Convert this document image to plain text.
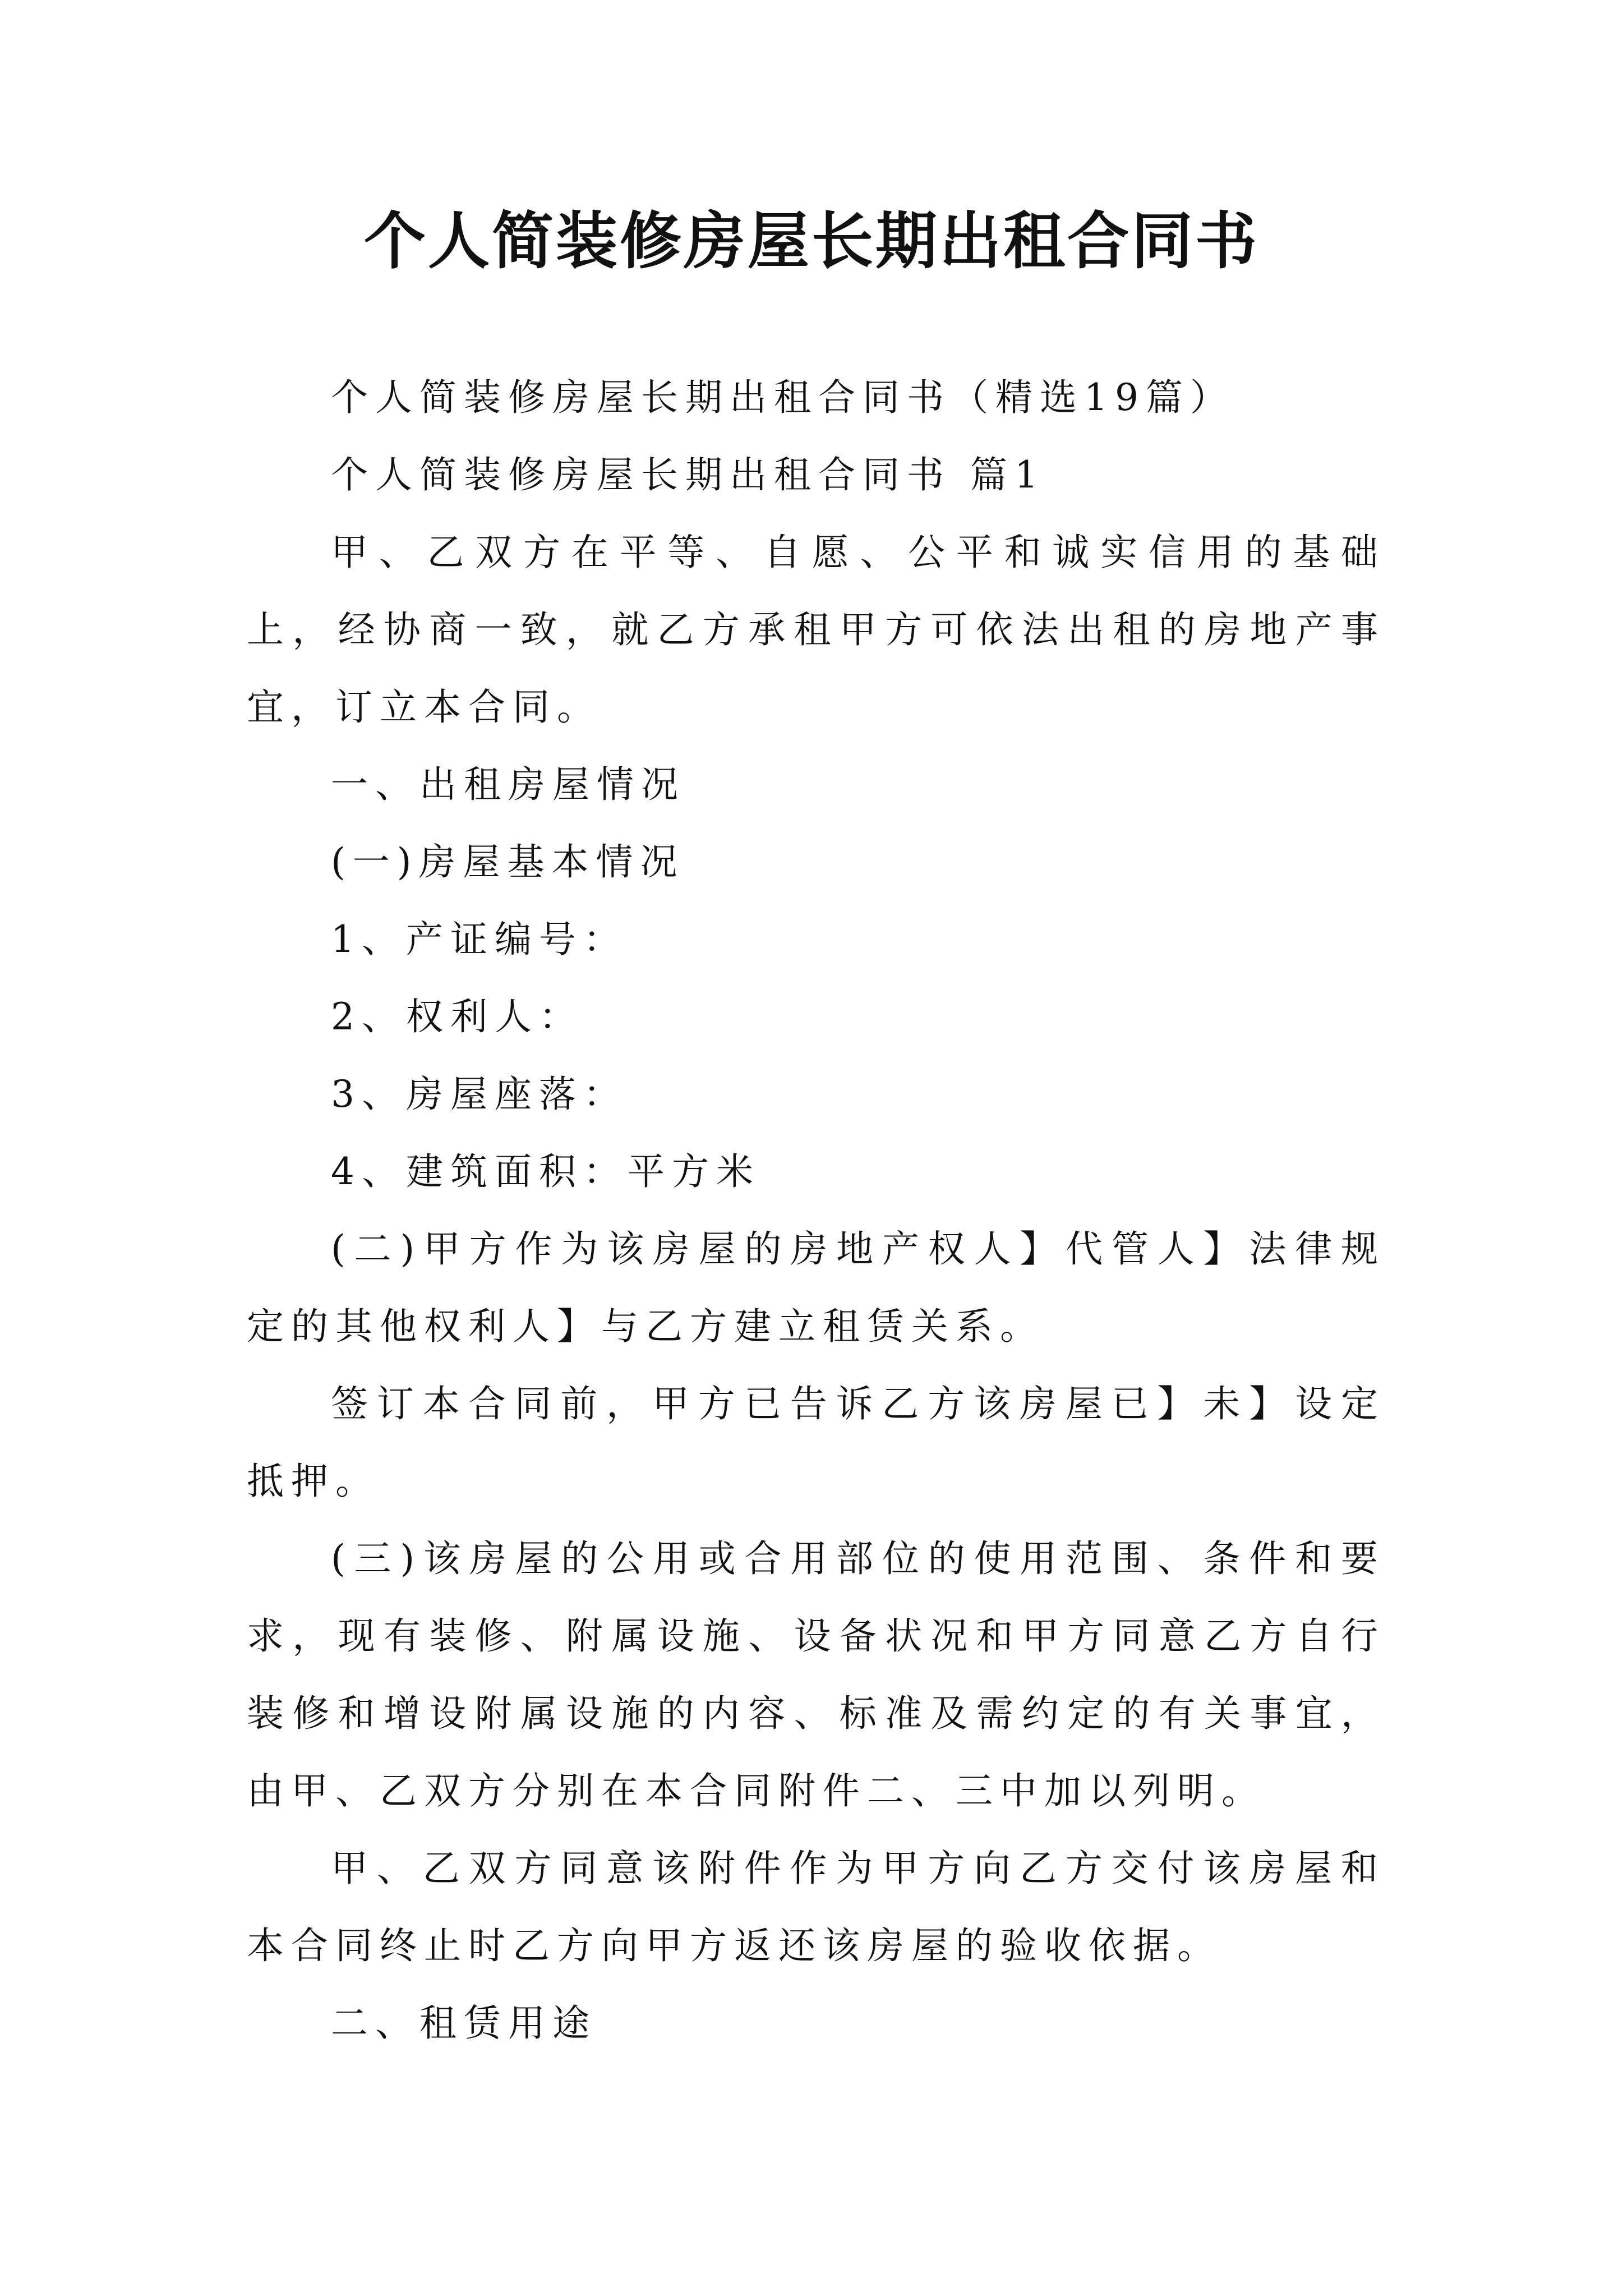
个人简装修房屋长期出租合同书

个人简装修房屋长期出租合同书（精选19篇）

个人简装修房屋长期出租合同书 篇1

甲、乙双方在平等、自愿、公平和诚实信用的基础上，经协商一致，就乙方承租甲方可依法出租的房地产事宜，订立本合同。

一、出租房屋情况

(一)房屋基本情况

1、产证编号：

2、权利人：

3、房屋座落：

4、建筑面积：平方米

(二)甲方作为该房屋的房地产权人】代管人】法律规定的其他权利人】与乙方建立租赁关系。

签订本合同前，甲方已告诉乙方该房屋已】未】设定抵押。

(三)该房屋的公用或合用部位的使用范围、条件和要求，现有装修、附属设施、设备状况和甲方同意乙方自行装修和增设附属设施的内容、标准及需约定的有关事宜，由甲、乙双方分别在本合同附件二、三中加以列明。

甲、乙双方同意该附件作为甲方向乙方交付该房屋和本合同终止时乙方向甲方返还该房屋的验收依据。

二、租赁用途
